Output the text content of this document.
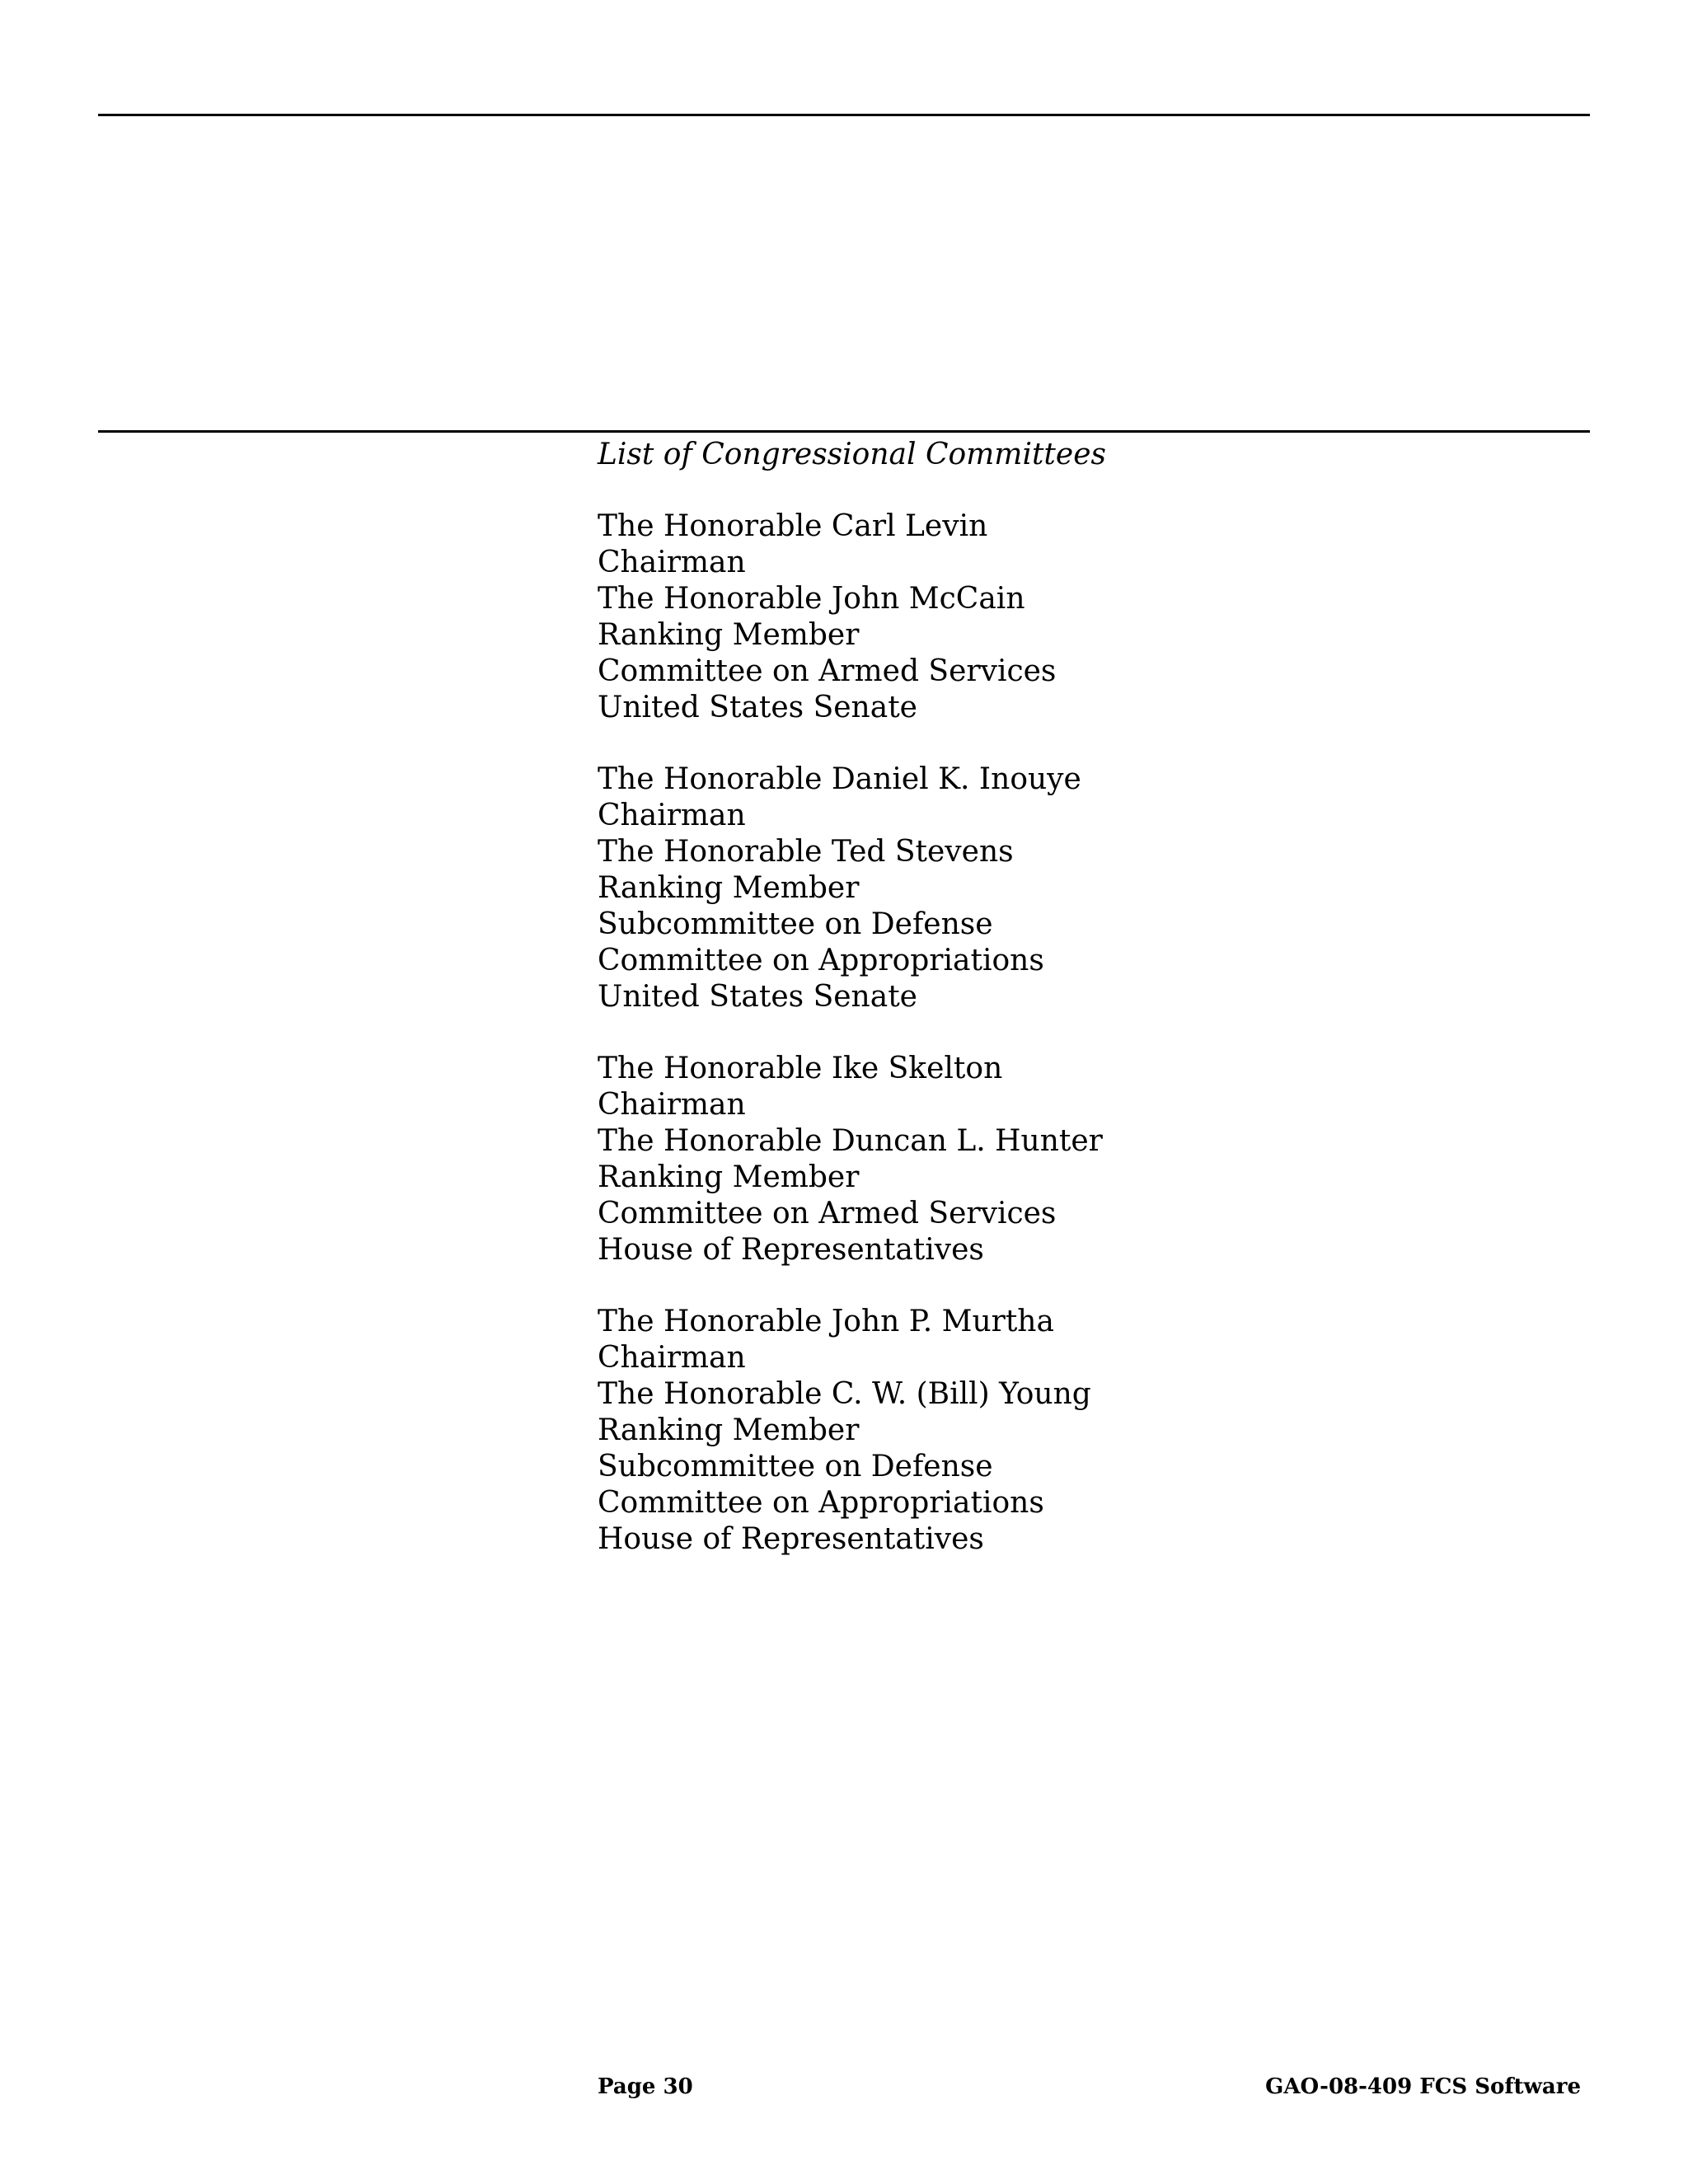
List of Congressional Committees
The Honorable Carl Levin
Chairman
The Honorable John McCain
Ranking Member
Committee on Armed Services
United States Senate
The Honorable Daniel K. Inouye
Chairman
The Honorable Ted Stevens
Ranking Member
Subcommittee on Defense
Committee on Appropriations
United States Senate
The Honorable Ike Skelton
Chairman
The Honorable Duncan L. Hunter
Ranking Member
Committee on Armed Services
House of Representatives
The Honorable John P. Murtha
Chairman
The Honorable C. W. (Bill) Young
Ranking Member
Subcommittee on Defense
Committee on Appropriations
House of Representatives
Page 30	GAO-08-409 FCS Software
